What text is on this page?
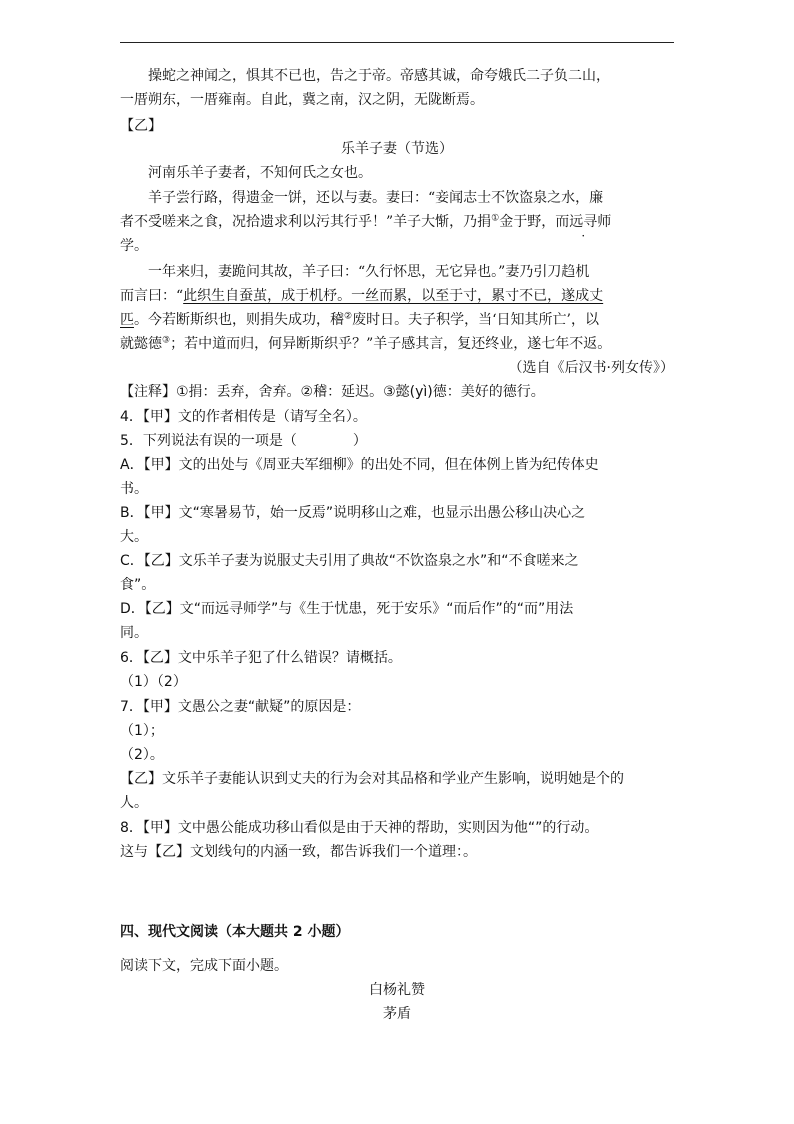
操蛇之神闻之，惧其不已也，告之于帝。帝感其诚，命夸娥氏二子负二山，
一厝朔东，一厝雍南。自此，冀之南，汉之阴，无陇断焉。
【乙】
乐羊子妻（节选）
河南乐羊子妻者，不知何氏之女也。
羊子尝行路，得遗金一饼，还以与妻。妻曰：“妾闻志士不饮盗泉之水，廉
者不受嗟来之食，况拾遗求利以污其行乎！”羊子大惭，乃捐①金于野，而远寻师
学。
一年来归，妻跪问其故，羊子曰：“久行怀思，无它异也。”妻乃引刀趋机
而言曰：“此织生自蚕茧，成于机杼。一丝而累，以至于寸，累寸不已，遂成丈
匹。今若断斯织也，则捐失成功，稽②废时日。夫子积学，当‘日知其所亡’，以
就懿德③；若中道而归，何异断斯织乎？”羊子感其言，复还终业，遂七年不返。
（选自《后汉书·列女传》）
【注释】①捐：丢弃，舍弃。②稽：延迟。③懿(yì)德：美好的德行。
4．【甲】文的作者相传是（请写全名）。
5．下列说法有误的一项是（　　　　）
A．【甲】文的出处与《周亚夫军细柳》的出处不同，但在体例上皆为纪传体史
书。
B．【甲】文“寒暑易节，始一反焉”说明移山之难，也显示出愚公移山决心之
大。
C．【乙】文乐羊子妻为说服丈夫引用了典故“不饮盗泉之水”和“不食嗟来之
食”。
D．【乙】文“而远寻师学”与《生于忧患，死于安乐》“而后作”的“而”用法
同。
6．【乙】文中乐羊子犯了什么错误？请概括。
（1）（2）
7．【甲】文愚公之妻“献疑”的原因是：
（1）；
（2）。
【乙】文乐羊子妻能认识到丈夫的行为会对其品格和学业产生影响，说明她是个的
人。
8．【甲】文中愚公能成功移山看似是由于天神的帮助，实则因为他“”的行动。
这与【乙】文划线句的内涵一致，都告诉我们一个道理：。
四、现代文阅读（本大题共 2 小题）
阅读下文，完成下面小题。
白杨礼赞
茅盾
